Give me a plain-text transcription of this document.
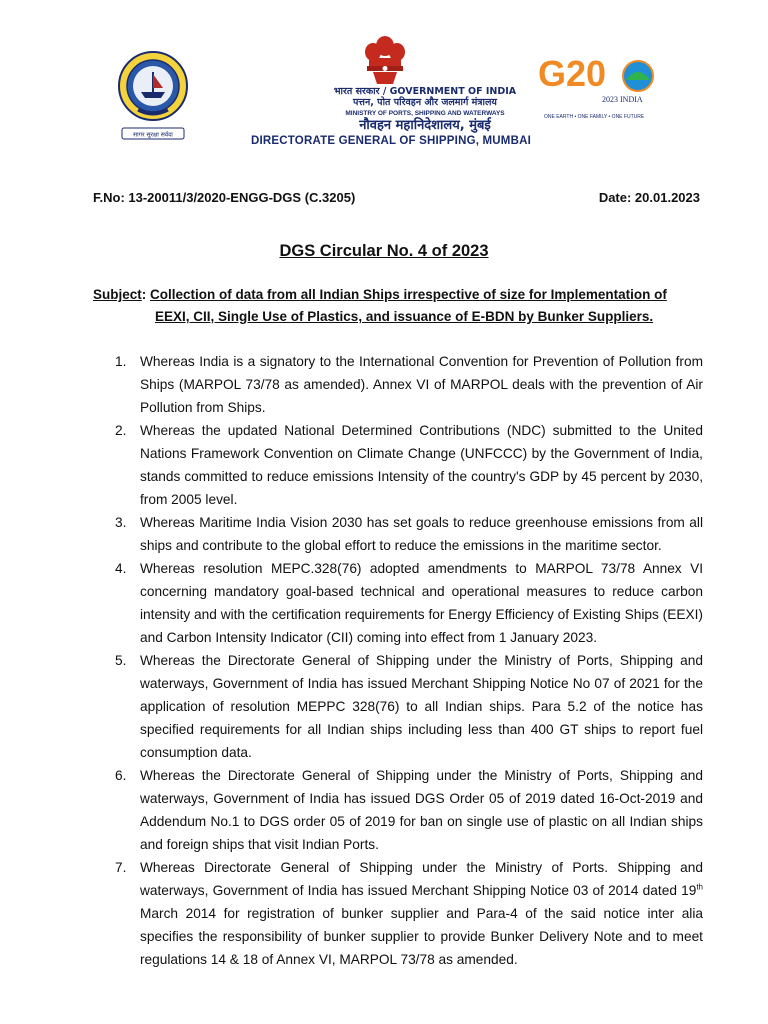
सागर सुरक्षा सर्वदा
G20
2023 INDIA
ONE EARTH • ONE FAMILY • ONE FUTURE
भारत सरकार / GOVERNMENT OF INDIA
पत्तन, पोत परिवहन और जलमार्ग मंत्रालय
MINISTRY OF PORTS, SHIPPING AND WATERWAYS
नौवहन महानिदेशालय, मुंबई
DIRECTORATE GENERAL OF SHIPPING, MUMBAI
F.No: 13-20011/3/2020-ENGG-DGS (C.3205)	Date: 20.01.2023
DGS Circular No. 4 of 2023
Subject: Collection of data from all Indian Ships irrespective of size for Implementation of
EEXI, CII, Single Use of Plastics, and issuance of E-BDN by Bunker Suppliers.
1. Whereas India is a signatory to the International Convention for Prevention of Pollution from Ships (MARPOL 73/78 as amended). Annex VI of MARPOL deals with the prevention of Air Pollution from Ships.
2. Whereas the updated National Determined Contributions (NDC) submitted to the United Nations Framework Convention on Climate Change (UNFCCC) by the Government of India, stands committed to reduce emissions Intensity of the country's GDP by 45 percent by 2030, from 2005 level.
3. Whereas Maritime India Vision 2030 has set goals to reduce greenhouse emissions from all ships and contribute to the global effort to reduce the emissions in the maritime sector.
4. Whereas resolution MEPC.328(76) adopted amendments to MARPOL 73/78 Annex VI concerning mandatory goal-based technical and operational measures to reduce carbon intensity and with the certification requirements for Energy Efficiency of Existing Ships (EEXI) and Carbon Intensity Indicator (CII) coming into effect from 1 January 2023.
5. Whereas the Directorate General of Shipping under the Ministry of Ports, Shipping and waterways, Government of India has issued Merchant Shipping Notice No 07 of 2021 for the application of resolution MEPPC 328(76) to all Indian ships. Para 5.2 of the notice has specified requirements for all Indian ships including less than 400 GT ships to report fuel consumption data.
6. Whereas the Directorate General of Shipping under the Ministry of Ports, Shipping and waterways, Government of India has issued DGS Order 05 of 2019 dated 16-Oct-2019 and Addendum No.1 to DGS order 05 of 2019 for ban on single use of plastic on all Indian ships and foreign ships that visit Indian Ports.
7. Whereas Directorate General of Shipping under the Ministry of Ports. Shipping and waterways, Government of India has issued Merchant Shipping Notice 03 of 2014 dated 19th March 2014 for registration of bunker supplier and Para-4 of the said notice inter alia specifies the responsibility of bunker supplier to provide Bunker Delivery Note and to meet regulations 14 & 18 of Annex VI, MARPOL 73/78 as amended.
